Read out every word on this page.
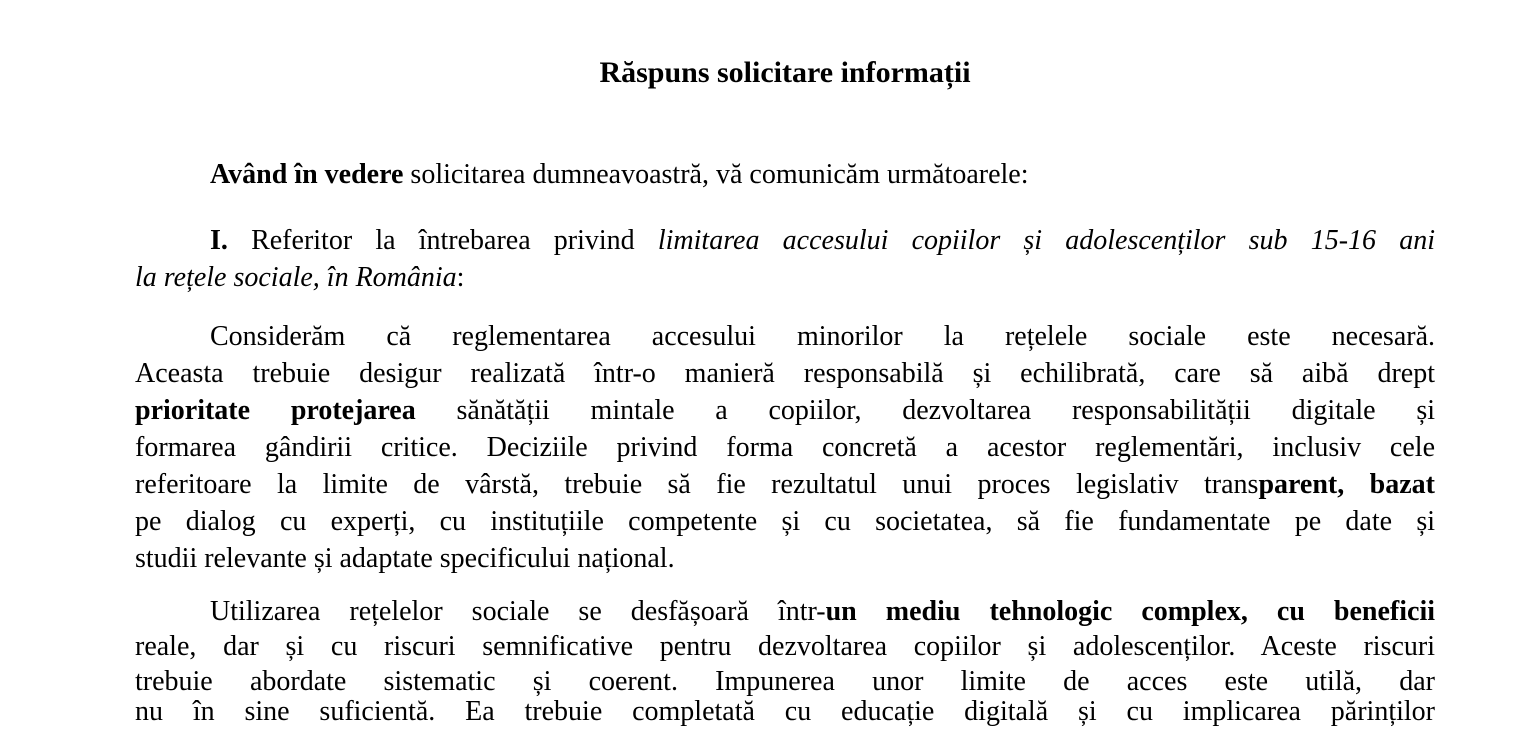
Răspuns solicitare informații
Având în vedere solicitarea dumneavoastră, vă comunicăm următoarele:
I. Referitor la întrebarea privind limitarea accesului copiilor și adolescenților sub 15-16 ani
la rețele sociale, în România:
Considerăm că reglementarea accesului minorilor la rețelele sociale este necesară.
Aceasta trebuie desigur realizată într-o manieră responsabilă și echilibrată, care să aibă drept
prioritate protejarea sănătății mintale a copiilor, dezvoltarea responsabilității digitale și
formarea gândirii critice. Deciziile privind forma concretă a acestor reglementări, inclusiv cele
referitoare la limite de vârstă, trebuie să fie rezultatul unui proces legislativ transparent, bazat
pe dialog cu experți, cu instituțiile competente și cu societatea, să fie fundamentate pe date și
studii relevante și adaptate specificului național.
Utilizarea rețelelor sociale se desfășoară într-un mediu tehnologic complex, cu beneficii
reale, dar și cu riscuri semnificative pentru dezvoltarea copiilor și adolescenților. Aceste riscuri
trebuie abordate sistematic și coerent. Impunerea unor limite de acces este utilă, dar
nu în sine suficientă. Ea trebuie completată cu educație digitală și cu implicarea părinților
